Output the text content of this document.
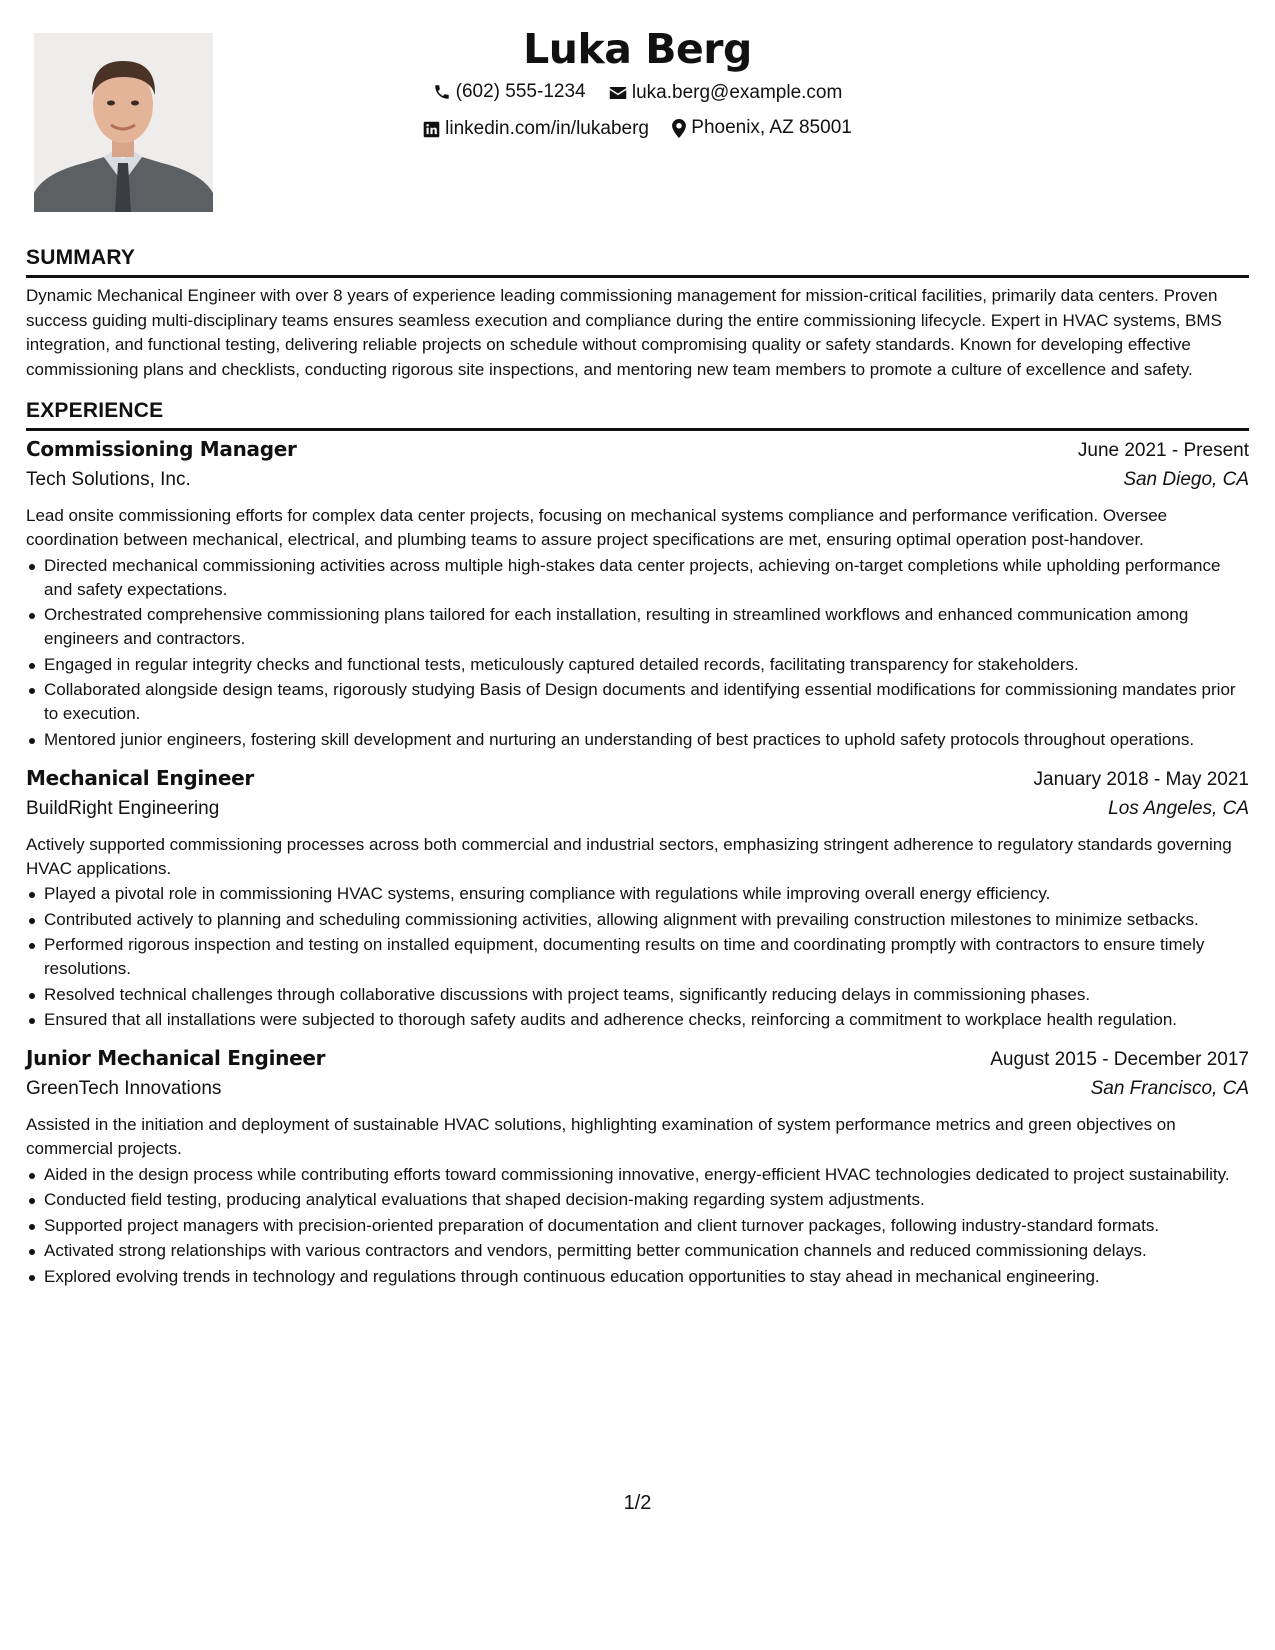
Luka Berg
(602) 555-1234
luka.berg@example.com
linkedin.com/in/lukaberg
Phoenix, AZ 85001
SUMMARY

Dynamic Mechanical Engineer with over 8 years of experience leading commissioning management for mission-critical facilities, primarily data centers. Proven success guiding multi-disciplinary teams ensures seamless execution and compliance during the entire commissioning lifecycle. Expert in HVAC systems, BMS integration, and functional testing, delivering reliable projects on schedule without compromising quality or safety standards. Known for developing effective commissioning plans and checklists, conducting rigorous site inspections, and mentoring new team members to promote a culture of excellence and safety.

EXPERIENCE
Commissioning Manager	June 2021 - Present
Tech Solutions, Inc.	San Diego, CA
Lead onsite commissioning efforts for complex data center projects, focusing on mechanical systems compliance and performance verification. Oversee coordination between mechanical, electrical, and plumbing teams to assure project specifications are met, ensuring optimal operation post-handover.
Directed mechanical commissioning activities across multiple high-stakes data center projects, achieving on-target completions while upholding performance and safety expectations.
Orchestrated comprehensive commissioning plans tailored for each installation, resulting in streamlined workflows and enhanced communication among engineers and contractors.
Engaged in regular integrity checks and functional tests, meticulously captured detailed records, facilitating transparency for stakeholders.
Collaborated alongside design teams, rigorously studying Basis of Design documents and identifying essential modifications for commissioning mandates prior to execution.
Mentored junior engineers, fostering skill development and nurturing an understanding of best practices to uphold safety protocols throughout operations.
Mechanical Engineer	January 2018 - May 2021
BuildRight Engineering	Los Angeles, CA
Actively supported commissioning processes across both commercial and industrial sectors, emphasizing stringent adherence to regulatory standards governing HVAC applications.
Played a pivotal role in commissioning HVAC systems, ensuring compliance with regulations while improving overall energy efficiency.
Contributed actively to planning and scheduling commissioning activities, allowing alignment with prevailing construction milestones to minimize setbacks.
Performed rigorous inspection and testing on installed equipment, documenting results on time and coordinating promptly with contractors to ensure timely resolutions.
Resolved technical challenges through collaborative discussions with project teams, significantly reducing delays in commissioning phases.
Ensured that all installations were subjected to thorough safety audits and adherence checks, reinforcing a commitment to workplace health regulation.
Junior Mechanical Engineer	August 2015 - December 2017
GreenTech Innovations	San Francisco, CA
Assisted in the initiation and deployment of sustainable HVAC solutions, highlighting examination of system performance metrics and green objectives on commercial projects.
Aided in the design process while contributing efforts toward commissioning innovative, energy-efficient HVAC technologies dedicated to project sustainability.
Conducted field testing, producing analytical evaluations that shaped decision-making regarding system adjustments.
Supported project managers with precision-oriented preparation of documentation and client turnover packages, following industry-standard formats.
Activated strong relationships with various contractors and vendors, permitting better communication channels and reduced commissioning delays.
Explored evolving trends in technology and regulations through continuous education opportunities to stay ahead in mechanical engineering.
1/2
